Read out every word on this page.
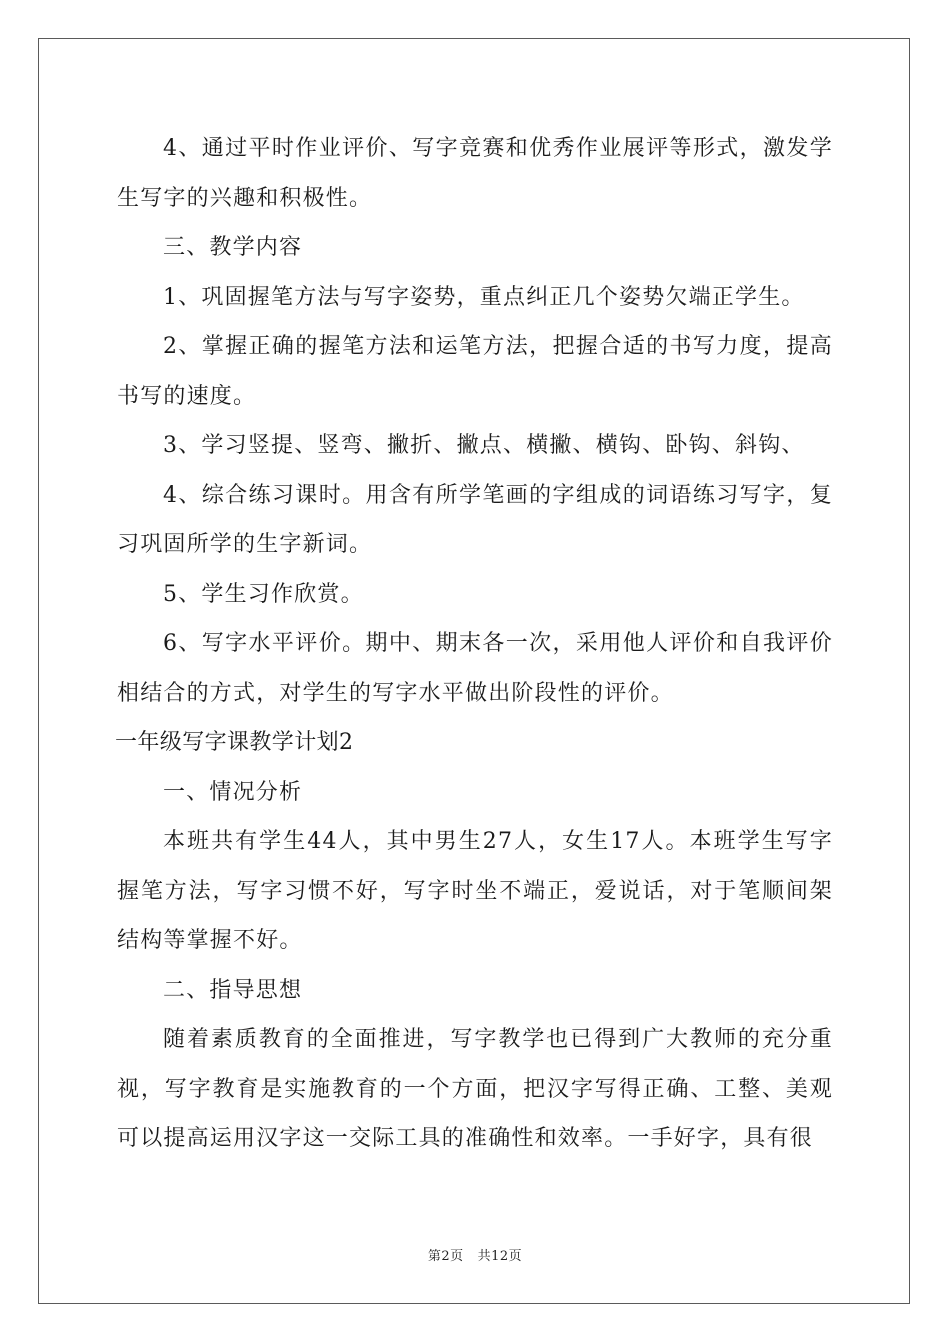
4、通过平时作业评价、写字竞赛和优秀作业展评等形式，激发学生写字的兴趣和积极性。

三、教学内容

1、巩固握笔方法与写字姿势，重点纠正几个姿势欠端正学生。

2、掌握正确的握笔方法和运笔方法，把握合适的书写力度，提高书写的速度。

3、学习竖提、竖弯、撇折、撇点、横撇、横钩、卧钩、斜钩、

4、综合练习课时。用含有所学笔画的字组成的词语练习写字，复习巩固所学的生字新词。

5、学生习作欣赏。

6、写字水平评价。期中、期末各一次，采用他人评价和自我评价相结合的方式，对学生的写字水平做出阶段性的评价。

一年级写字课教学计划2

一、情况分析

本班共有学生44人，其中男生27人，女生17人。本班学生写字握笔方法，写字习惯不好，写字时坐不端正，爱说话，对于笔顺间架结构等掌握不好。

二、指导思想

随着素质教育的全面推进，写字教学也已得到广大教师的充分重视，写字教育是实施教育的一个方面，把汉字写得正确、工整、美观可以提高运用汉字这一交际工具的准确性和效率。一手好字，具有很

第2页 共12页
